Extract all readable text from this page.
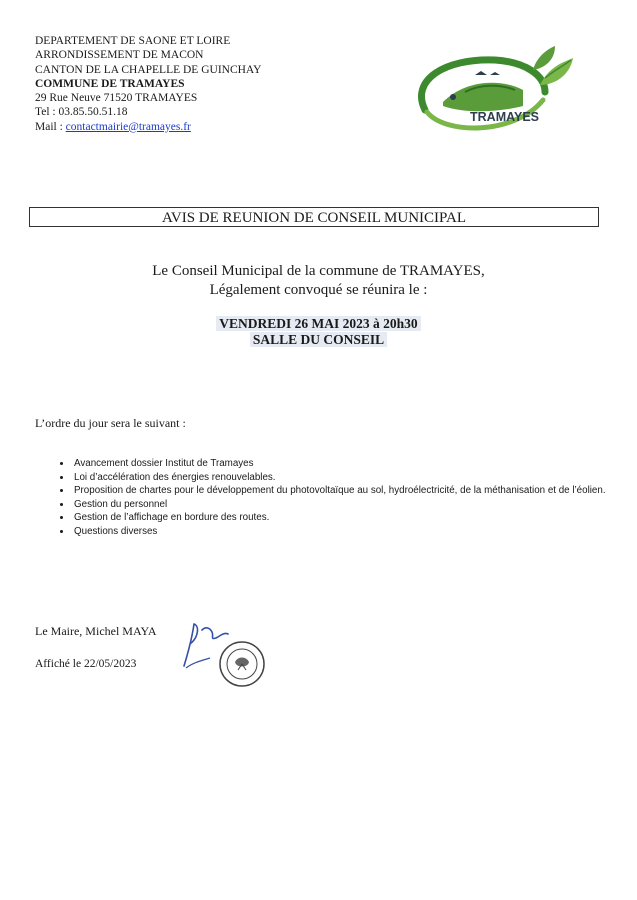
DEPARTEMENT DE SAONE ET LOIRE
ARRONDISSEMENT DE MACON
CANTON DE LA CHAPELLE DE GUINCHAY
COMMUNE DE TRAMAYES
29 Rue Neuve 71520 TRAMAYES
Tel : 03.85.50.51.18
Mail : contactmairie@tramayes.fr
TRAMAYES
AVIS DE REUNION DE CONSEIL MUNICIPAL
Le Conseil Municipal de la commune de TRAMAYES,
Légalement convoqué se réunira le :
VENDREDI 26 MAI 2023 à 20h30
SALLE DU CONSEIL
L’ordre du jour sera le suivant :
• Avancement dossier Institut de Tramayes
• Loi d’accélération des énergies renouvelables.
• Proposition de chartes pour le développement du photovoltaïque au sol, hydroélectricité, de la méthanisation et de l’éolien.
• Gestion du personnel
• Gestion de l’affichage en bordure des routes.
• Questions diverses
Le Maire, Michel MAYA
Affiché le 22/05/2023
